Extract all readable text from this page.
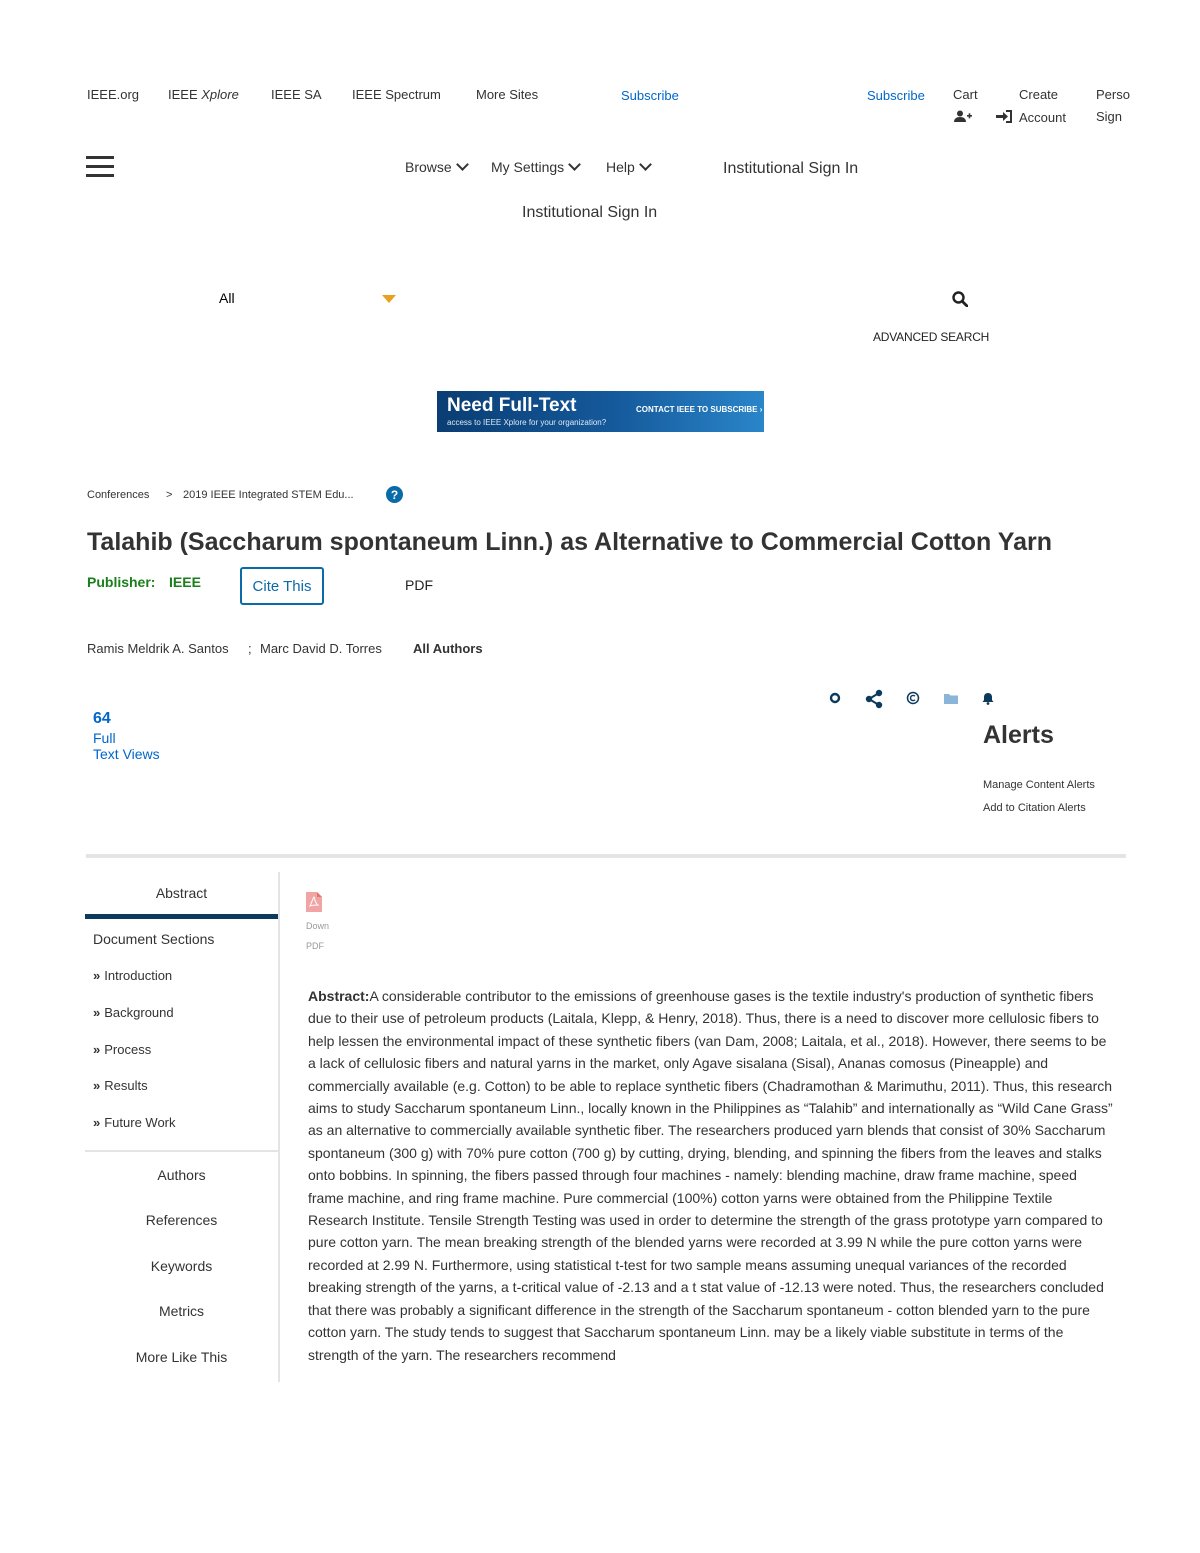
IEEE.org IEEE Xplore IEEE SA IEEE Spectrum	More Sites	Subscribe	Subscribe Cart	Create
Account
Perso
Sign
Browse	My Settings	Help	Institutional Sign In
Institutional Sign In
All
ADVANCED SEARCH
Need Full-Text
access to IEEE Xplore for your organization?
CONTACT IEEE TO SUBSCRIBE ›
Conferences > 2019 IEEE Integrated STEM Edu...	?
Talahib (Saccharum spontaneum Linn.) as Alternative to Commercial Cotton Yarn
Publisher: IEEE	Cite This	PDF
Ramis Meldrik A. Santos ; Marc David D. Torres All Authors
64
Full
Text Views
Alerts
Manage Content Alerts
Add to Citation Alerts
Abstract
Document Sections
» Introduction
» Background
» Process
» Results
» Future Work
Authors
References
Keywords
Metrics
More Like This
Down
PDF
Abstract:A considerable contributor to the emissions of greenhouse gases is the textile industry's production of synthetic fibers due to their use of petroleum products (Laitala, Klepp, & Henry, 2018). Thus, there is a need to discover more cellulosic fibers to help lessen the environmental impact of these synthetic fibers (van Dam, 2008; Laitala, et al., 2018). However, there seems to be a lack of cellulosic fibers and natural yarns in the market, only Agave sisalana (Sisal), Ananas comosus (Pineapple) and commercially available (e.g. Cotton) to be able to replace synthetic fibers (Chadramothan & Marimuthu, 2011). Thus, this research aims to study Saccharum spontaneum Linn., locally known in the Philippines as “Talahib” and internationally as “Wild Cane Grass” as an alternative to commercially available synthetic fiber. The researchers produced yarn blends that consist of 30% Saccharum spontaneum (300 g) with 70% pure cotton (700 g) by cutting, drying, blending, and spinning the fibers from the leaves and stalks onto bobbins. In spinning, the fibers passed through four machines - namely: blending machine, draw frame machine, speed frame machine, and ring frame machine. Pure commercial (100%) cotton yarns were obtained from the Philippine Textile Research Institute. Tensile Strength Testing was used in order to determine the strength of the grass prototype yarn compared to pure cotton yarn. The mean breaking strength of the blended yarns were recorded at 3.99 N while the pure cotton yarns were recorded at 2.99 N. Furthermore, using statistical t-test for two sample means assuming unequal variances of the recorded breaking strength of the yarns, a t-critical value of -2.13 and a t stat value of -12.13 were noted. Thus, the researchers concluded that there was probably a significant difference in the strength of the Saccharum spontaneum - cotton blended yarn to the pure cotton yarn. The study tends to suggest that Saccharum spontaneum Linn. may be a likely viable substitute in terms of the strength of the yarn. The researchers recommend
